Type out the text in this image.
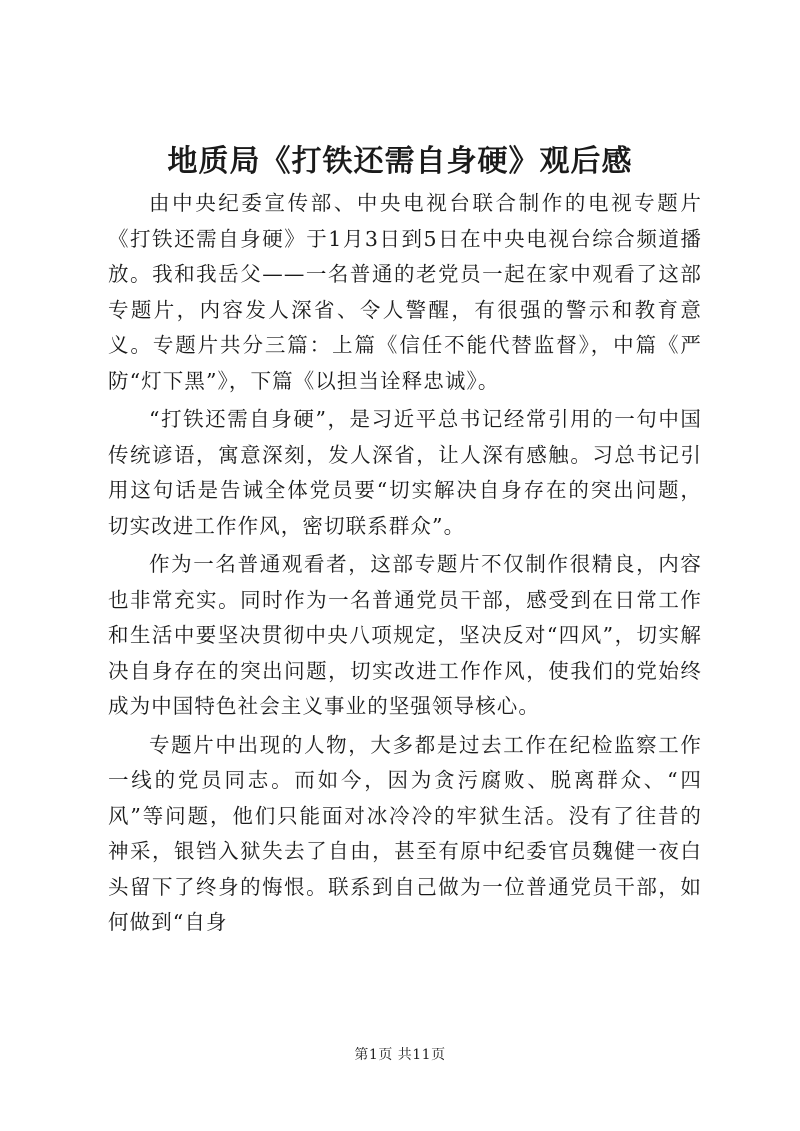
地质局《打铁还需自身硬》观后感

由中央纪委宣传部、中央电视台联合制作的电视专题片《打铁还需自身硬》于1月3日到5日在中央电视台综合频道播放。我和我岳父——一名普通的老党员一起在家中观看了这部专题片，内容发人深省、令人警醒，有很强的警示和教育意义。专题片共分三篇：上篇《信任不能代替监督》，中篇《严防“灯下黑”》，下篇《以担当诠释忠诚》。

“打铁还需自身硬”，是习近平总书记经常引用的一句中国传统谚语，寓意深刻，发人深省，让人深有感触。习总书记引用这句话是告诫全体党员要“切实解决自身存在的突出问题，切实改进工作作风，密切联系群众”。

作为一名普通观看者，这部专题片不仅制作很精良，内容也非常充实。同时作为一名普通党员干部，感受到在日常工作和生活中要坚决贯彻中央八项规定，坚决反对“四风”，切实解决自身存在的突出问题，切实改进工作作风，使我们的党始终成为中国特色社会主义事业的坚强领导核心。

专题片中出现的人物，大多都是过去工作在纪检监察工作一线的党员同志。而如今，因为贪污腐败、脱离群众、“四风”等问题，他们只能面对冰冷冷的牢狱生活。没有了往昔的神采，银铛入狱失去了自由，甚至有原中纪委官员魏健一夜白头留下了终身的悔恨。联系到自己做为一位普通党员干部，如何做到“自身

第1页 共11页
